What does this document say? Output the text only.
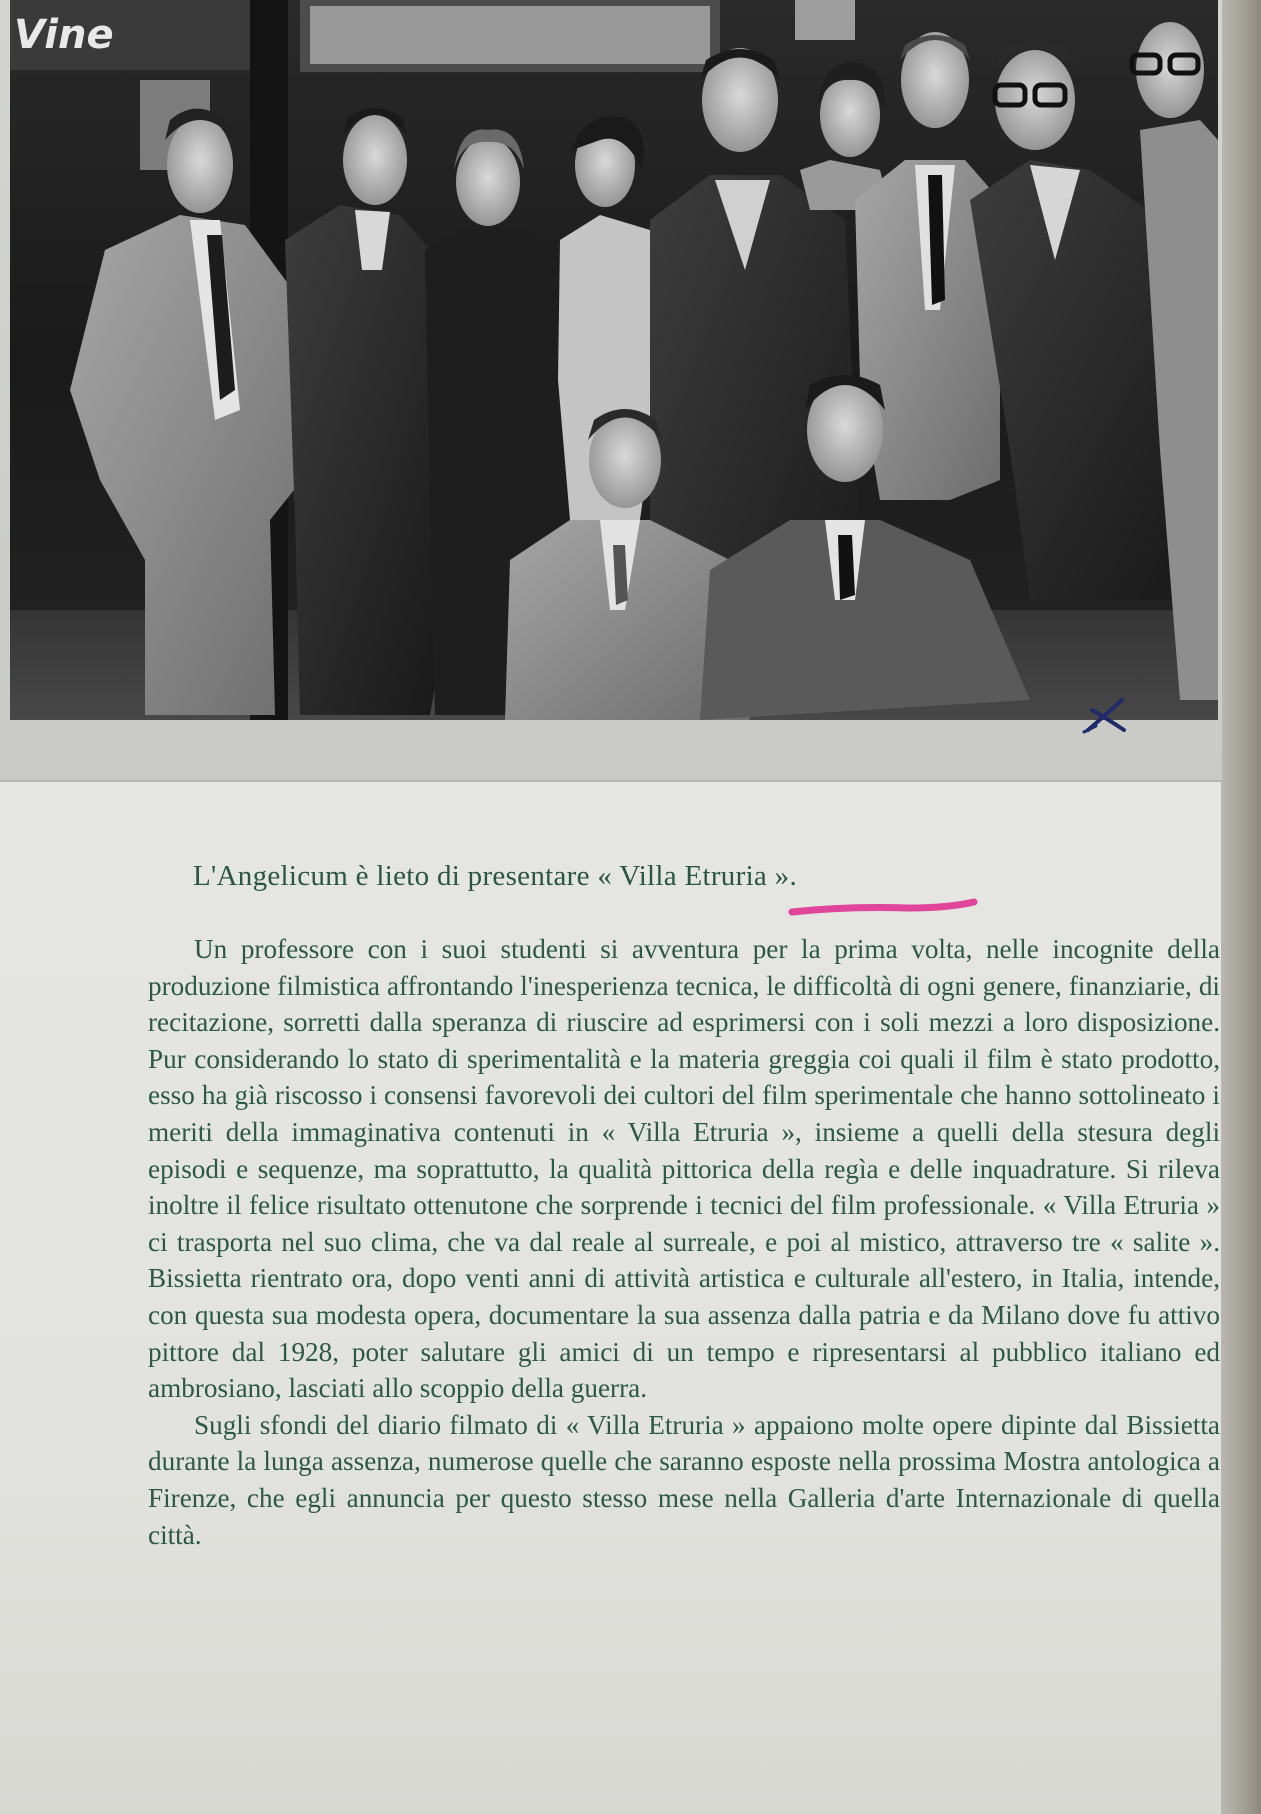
Vine
L'Angelicum è lieto di presentare « Villa Etruria ».

Un professore con i suoi studenti si avventura per la prima volta, nelle incognite della produzione filmistica affrontando l'inesperienza tecnica, le difficoltà di ogni genere, finanziarie, di recitazione, sorretti dalla speranza di riuscire ad esprimersi con i soli mezzi a loro disposizione. Pur considerando lo stato di sperimentalità e la materia greggia coi quali il film è stato prodotto, esso ha già riscosso i consensi favorevoli dei cultori del film sperimentale che hanno sottolineato i meriti della immaginativa contenuti in « Villa Etruria », insieme a quelli della stesura degli episodi e sequenze, ma soprattutto, la qualità pittorica della regìa e delle inquadrature. Si rileva inoltre il felice risultato ottenutone che sorprende i tecnici del film professionale. « Villa Etruria » ci trasporta nel suo clima, che va dal reale al surreale, e poi al mistico, attraverso tre « salite ». Bissietta rientrato ora, dopo venti anni di attività artistica e culturale all'estero, in Italia, intende, con questa sua modesta opera, documentare la sua assenza dalla patria e da Milano dove fu attivo pittore dal 1928, poter salutare gli amici di un tempo e ripresentarsi al pubblico italiano ed ambrosiano, lasciati allo scoppio della guerra.

Sugli sfondi del diario filmato di « Villa Etruria » appaiono molte opere dipinte dal Bissietta durante la lunga assenza, numerose quelle che saranno esposte nella prossima Mostra antologica a Firenze, che egli annuncia per questo stesso mese nella Galleria d'arte Internazionale di quella città.
